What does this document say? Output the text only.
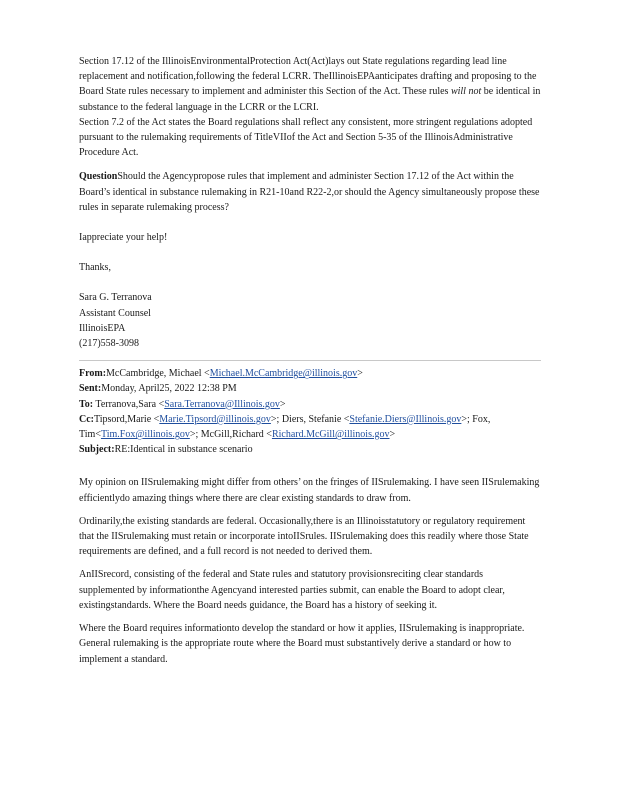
Section 17.12 of the IllinoisEnvironmentalProtection Act(Act)lays out State regulations regarding lead line replacement and notification,following the federal LCRR. TheIllinoisEPAanticipates drafting and proposing to the Board State rules necessary to implement and administer this Section of the Act. These rules will not be identical in substance to the federal language in the LCRR or the LCRI.

Section 7.2 of the Act states the Board regulations shall reflect any consistent, more stringent regulations adopted pursuant to the rulemaking requirements of TitleVIIof the Act and Section 5-35 of the IllinoisAdministrative Procedure Act.

QuestionShould the Agencypropose rules that implement and administer Section 17.12 of the Act within the Board’s identical in substance rulemaking in R21-10and R22-2,or should the Agency simultaneously propose these rules in separate rulemaking process?

Iappreciate your help!

Thanks,

Sara G. Terranova

Assistant Counsel

IllinoisEPA

(217)558-3098

From:McCambridge, Michael <Michael.McCambridge@illinois.gov>

Sent:Monday, April25, 2022 12:38 PM

To: Terranova,Sara <Sara.Terranova@Illinois.gov>

Cc:Tipsord,Marie <Marie.Tipsord@illinois.gov>; Diers, Stefanie <Stefanie.Diers@Illinois.gov>; Fox, Tim<Tim.Fox@illinois.gov>; McGill,Richard <Richard.McGill@illinois.gov>

Subject:RE:Identical in substance scenario

My opinion on IISrulemaking might differ from others’ on the fringes of IISrulemaking. I have seen IISrulemaking efficientlydo amazing things where there are clear existing standards to draw from.

Ordinarily,the existing standards are federal. Occasionally,there is an Illinoisstatutory or regulatory requirement that the IISrulemaking must retain or incorporate intoIISrules. IISrulemaking does this readily where those State requirements are defined, and a full record is not needed to derived them.

AnIISrecord, consisting of the federal and State rules and statutory provisionsreciting clear standards supplemented by informationthe Agencyand interested parties submit, can enable the Board to adopt clear, existingstandards. Where the Board needs guidance, the Board has a history of seeking it.

Where the Board requires informationto develop the standard or how it applies, IISrulemaking is inappropriate. General rulemaking is the appropriate route where the Board must substantively derive a standard or how to implement a standard.
